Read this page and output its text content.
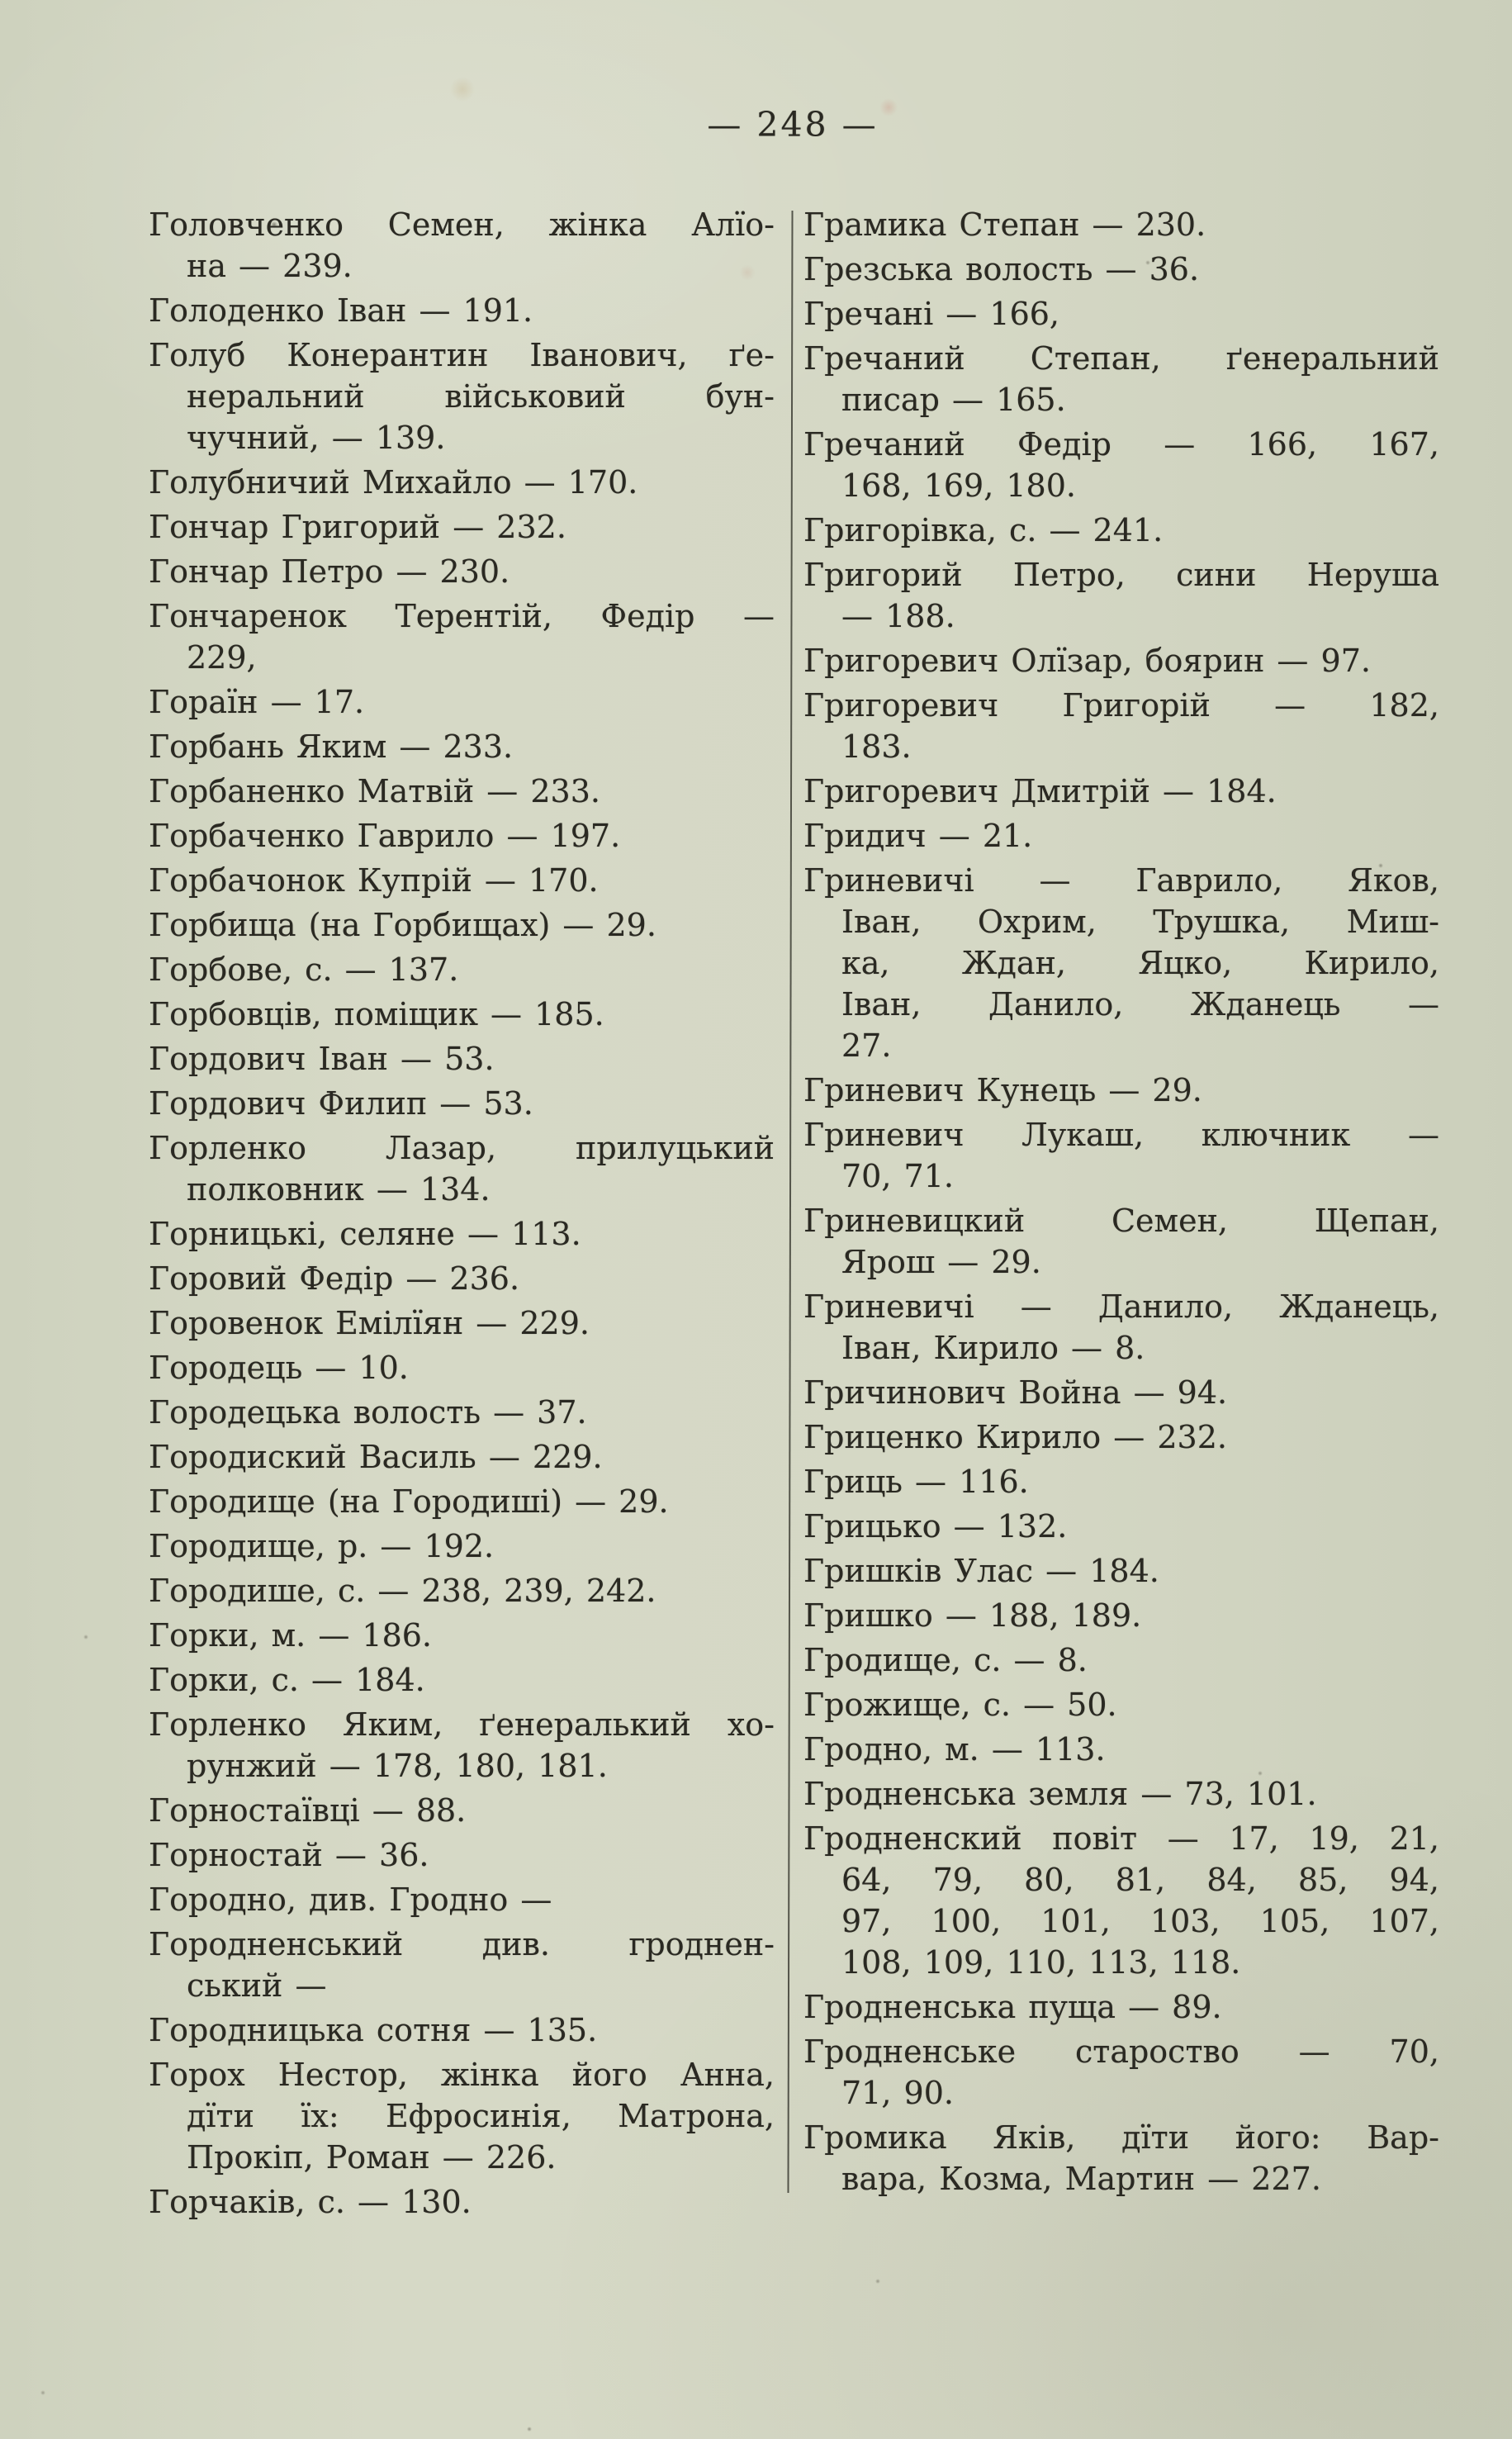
— 248 —
Головченко Семен, жінка Алїо-
на — 239.
Голоденко Іван — 191.
Голуб Конерантин Іванович, ґе-
неральний військовий бун-
чучний, — 139.
Голубничий Михайло — 170.
Гончар Григорий — 232.
Гончар Петро — 230.
Гончаренок Терентій, Федір —
229,
Гораїн — 17.
Горбань Яким — 233.
Горбаненко Матвій — 233.
Горбаченко Гаврило — 197.
Горбачонок Купрій — 170.
Горбища (на Горбищах) — 29.
Горбове, с. — 137.
Горбовців, поміщик — 185.
Гордович Іван — 53.
Гордович Филип — 53.
Горленко Лазар, прилуцький
полковник — 134.
Горницькі, селяне — 113.
Горовий Федір — 236.
Горовенок Емілїян — 229.
Городець — 10.
Городецька волость — 37.
Городиский Василь — 229.
Городище (на Городиші) — 29.
Городище, р. — 192.
Городише, с. — 238, 239, 242.
Горки, м. — 186.
Горки, с. — 184.
Горленко Яким, ґенералький хо-
рунжий — 178, 180, 181.
Горностаївці — 88.
Горностай — 36.
Городно, див. Гродно —
Городненський див. гроднен-
ський —
Городницька сотня — 135.
Горох Нестор, жінка його Анна,
дїти їх: Ефросинія, Матрона,
Прокіп, Роман — 226.
Горчаків, с. — 130.
Грамика Степан — 230.
Грезська волость — 36.
Гречані — 166,
Гречаний Степан, ґенеральний
писар — 165.
Гречаний Федір — 166, 167,
168, 169, 180.
Григорівка, с. — 241.
Григорий Петро, сини Неруша
— 188.
Григоревич Олїзар, боярин — 97.
Григоревич Григорій — 182,
183.
Григоревич Дмитрій — 184.
Гридич — 21.
Гриневичі — Гаврило, Яков,
Іван, Охрим, Трушка, Миш-
ка, Ждан, Яцко, Кирило,
Іван, Данило, Жданець —
27.
Гриневич Кунець — 29.
Гриневич Лукаш, ключник —
70, 71.
Гриневицкий Семен, Щепан,
Ярош — 29.
Гриневичі — Данило, Жданець,
Іван, Кирило — 8.
Гричинович Война — 94.
Гриценко Кирило — 232.
Гриць — 116.
Грицько — 132.
Гришків Улас — 184.
Гришко — 188, 189.
Гродище, с. — 8.
Грожище, с. — 50.
Гродно, м. — 113.
Гродненська земля — 73, 101.
Гродненский повіт — 17, 19, 21,
64, 79, 80, 81, 84, 85, 94,
97, 100, 101, 103, 105, 107,
108, 109, 110, 113, 118.
Гродненська пуща — 89.
Гродненське староство — 70,
71, 90.
Громика Яків, дїти його: Вар-
вара, Козма, Мартин — 227.
